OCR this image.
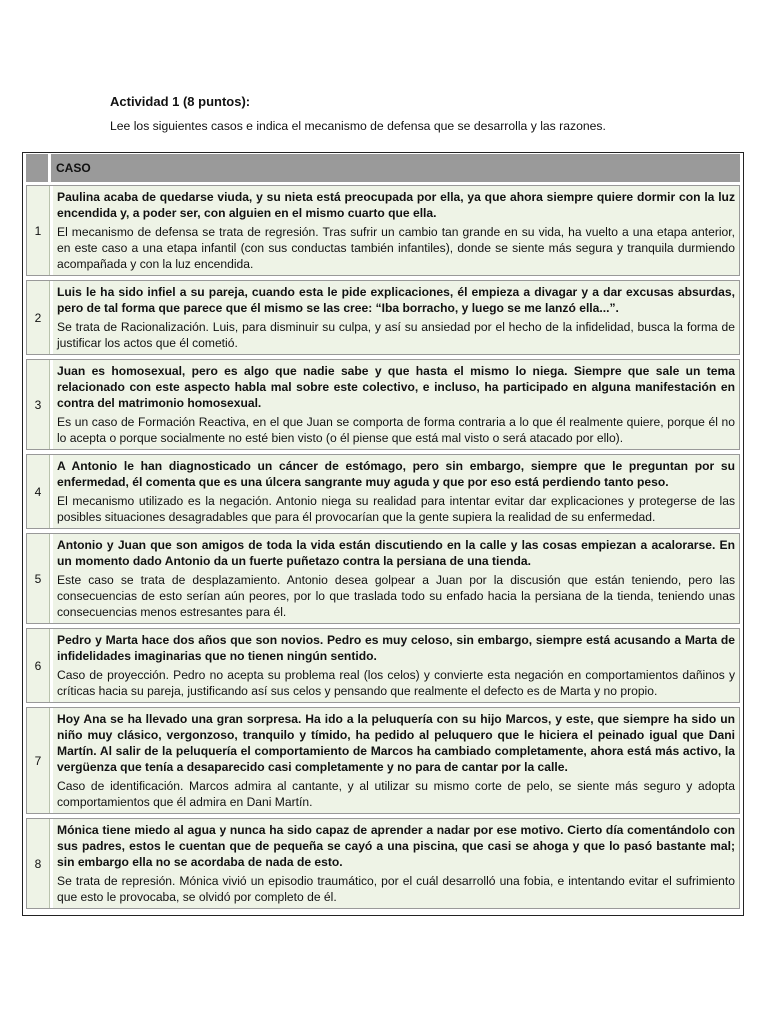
Actividad 1 (8 puntos):

Lee los siguientes casos e indica el mecanismo de defensa que se desarrolla y las razones.

CASO
1

Paulina acaba de quedarse viuda, y su nieta está preocupada por ella, ya que ahora siempre quiere dormir con la luz encendida y, a poder ser, con alguien en el mismo cuarto que ella.

El mecanismo de defensa se trata de regresión. Tras sufrir un cambio tan grande en su vida, ha vuelto a una etapa anterior, en este caso a una etapa infantil (con sus conductas también infantiles), donde se siente más segura y tranquila durmiendo acompañada y con la luz encendida.

2

Luis le ha sido infiel a su pareja, cuando esta le pide explicaciones, él empieza a divagar y a dar excusas absurdas, pero de tal forma que parece que él mismo se las cree: “Iba borracho, y luego se me lanzó ella...”.

Se trata de Racionalización. Luis, para disminuir su culpa, y así su ansiedad por el hecho de la infidelidad, busca la forma de justificar los actos que él cometió.

3

Juan es homosexual, pero es algo que nadie sabe y que hasta el mismo lo niega. Siempre que sale un tema relacionado con este aspecto habla mal sobre este colectivo, e incluso, ha participado en alguna manifestación en contra del matrimonio homosexual.

Es un caso de Formación Reactiva, en el que Juan se comporta de forma contraria a lo que él realmente quiere, porque él no lo acepta o porque socialmente no esté bien visto (o él piense que está mal visto o será atacado por ello).

4

A Antonio le han diagnosticado un cáncer de estómago, pero sin embargo, siempre que le preguntan por su enfermedad, él comenta que es una úlcera sangrante muy aguda y que por eso está perdiendo tanto peso.

El mecanismo utilizado es la negación. Antonio niega su realidad para intentar evitar dar explicaciones y protegerse de las posibles situaciones desagradables que para él provocarían que la gente supiera la realidad de su enfermedad.

5

Antonio y Juan que son amigos de toda la vida están discutiendo en la calle y las cosas empiezan a acalorarse. En un momento dado Antonio da un fuerte puñetazo contra la persiana de una tienda.

Este caso se trata de desplazamiento. Antonio desea golpear a Juan por la discusión que están teniendo, pero las consecuencias de esto serían aún peores, por lo que traslada todo su enfado hacia la persiana de la tienda, teniendo unas consecuencias menos estresantes para él.

6

Pedro y Marta hace dos años que son novios. Pedro es muy celoso, sin embargo, siempre está acusando a Marta de infidelidades imaginarias que no tienen ningún sentido.

Caso de proyección. Pedro no acepta su problema real (los celos) y convierte esta negación en comportamientos dañinos y críticas hacia su pareja, justificando así sus celos y pensando que realmente el defecto es de Marta y no propio.

7

Hoy Ana se ha llevado una gran sorpresa. Ha ido a la peluquería con su hijo Marcos, y este, que siempre ha sido un niño muy clásico, vergonzoso, tranquilo y tímido, ha pedido al peluquero que le hiciera el peinado igual que Dani Martín. Al salir de la peluquería el comportamiento de Marcos ha cambiado completamente, ahora está más activo, la vergüenza que tenía a desaparecido casi completamente y no para de cantar por la calle.

Caso de identificación. Marcos admira al cantante, y al utilizar su mismo corte de pelo, se siente más seguro y adopta comportamientos que él admira en Dani Martín.

8

Mónica tiene miedo al agua y nunca ha sido capaz de aprender a nadar por ese motivo. Cierto día comentándolo con sus padres, estos le cuentan que de pequeña se cayó a una piscina, que casi se ahoga y que lo pasó bastante mal; sin embargo ella no se acordaba de nada de esto.

Se trata de represión. Mónica vivió un episodio traumático, por el cuál desarrolló una fobia, e intentando evitar el sufrimiento que esto le provocaba, se olvidó por completo de él.
